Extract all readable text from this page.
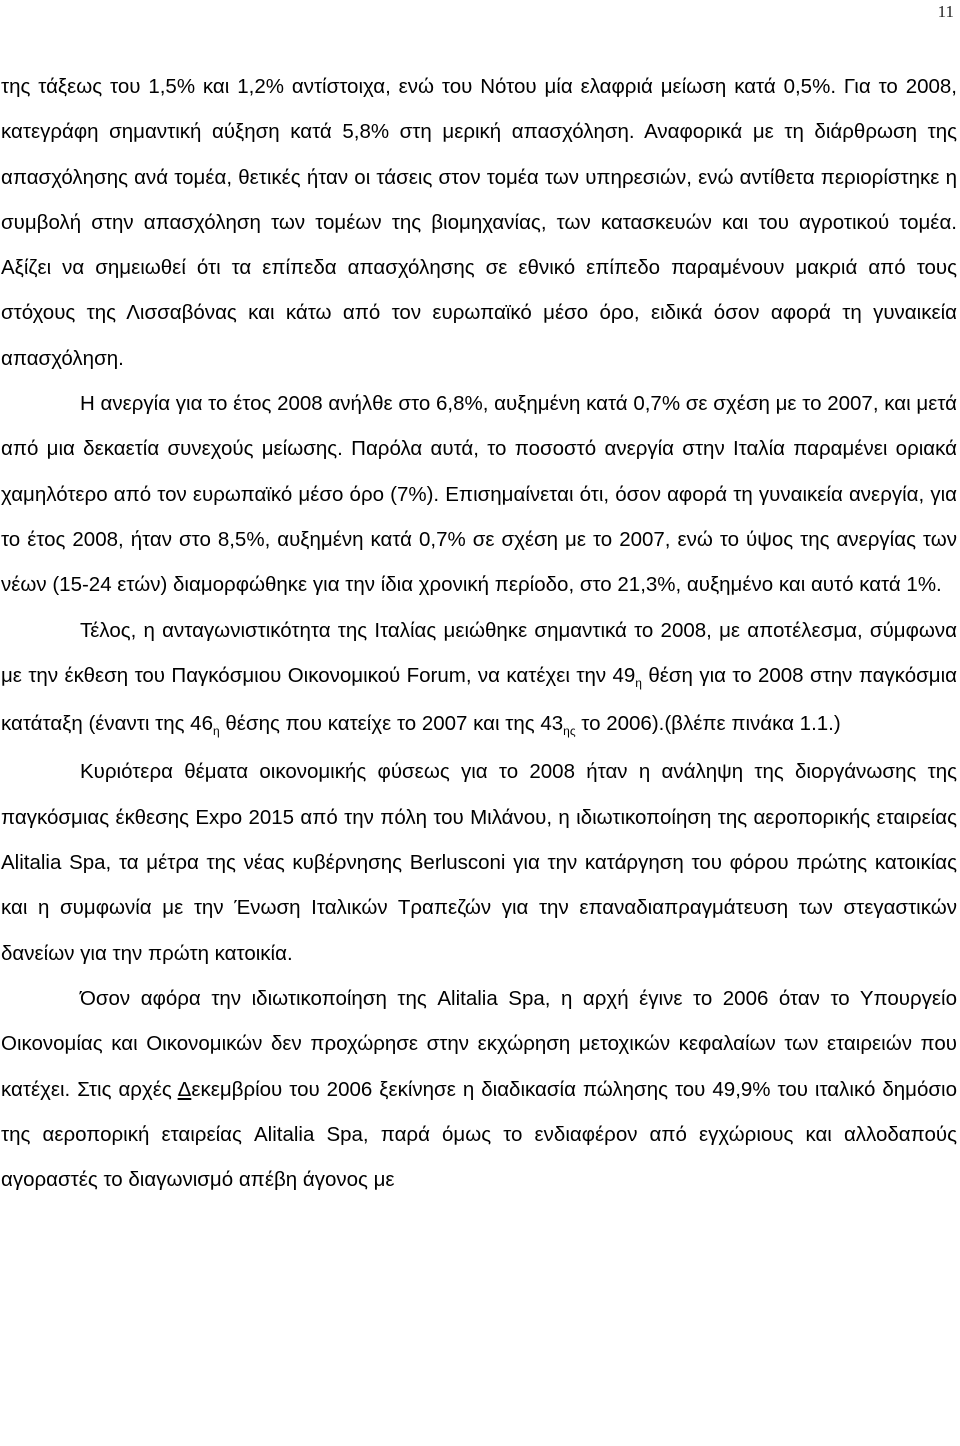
11

της τάξεως του 1,5% και 1,2% αντίστοιχα, ενώ του Νότου μία ελαφριά μείωση κατά 0,5%. Για το 2008, κατεγράφη σημαντική αύξηση κατά 5,8% στη μερική απασχόληση. Αναφορικά με τη διάρθρωση της απασχόλησης ανά τομέα, θετικές ήταν οι τάσεις στον τομέα των υπηρεσιών, ενώ αντίθετα περιορίστηκε η συμβολή στην απασχόληση των τομέων της βιομηχανίας, των κατασκευών και του αγροτικού τομέα. Αξίζει να σημειωθεί ότι τα επίπεδα απασχόλησης σε εθνικό επίπεδο παραμένουν μακριά από τους στόχους της Λισσαβόνας και κάτω από τον ευρωπαϊκό μέσο όρο, ειδικά όσον αφορά τη γυναικεία απασχόληση.

Η ανεργία για το έτος 2008 ανήλθε στο 6,8%, αυξημένη κατά 0,7% σε σχέση με το 2007, και μετά από μια δεκαετία συνεχούς μείωσης. Παρόλα αυτά, το ποσοστό ανεργία στην Ιταλία παραμένει οριακά χαμηλότερο από τον ευρωπαϊκό μέσο όρο (7%). Επισημαίνεται ότι, όσον αφορά τη γυναικεία ανεργία, για το έτος 2008, ήταν στο 8,5%, αυξημένη κατά 0,7% σε σχέση με το 2007, ενώ το ύψος της ανεργίας των νέων (15-24 ετών) διαμορφώθηκε για την ίδια χρονική περίοδο, στο 21,3%, αυξημένο και αυτό κατά 1%.

Τέλος, η ανταγωνιστικότητα της Ιταλίας μειώθηκε σημαντικά το 2008, με αποτέλεσμα, σύμφωνα με την έκθεση του Παγκόσμιου Οικονομικού Forum, να κατέχει την $49_\eta$ θέση για το 2008 στην παγκόσμια κατάταξη (έναντι της $46_\eta$ θέσης που κατείχε το 2007 και της $43_{\eta\varsigma}$ το 2006).(βλέπε πινάκα 1.1.)

Κυριότερα θέματα οικονομικής φύσεως για το 2008 ήταν η ανάληψη της διοργάνωσης της παγκόσμιας έκθεσης Expo 2015 από την πόλη του Μιλάνου, η ιδιωτικοποίηση της αεροπορικής εταιρείας Alitalia Spa, τα μέτρα της νέας κυβέρνησης Berlusconi για την κατάργηση του φόρου πρώτης κατοικίας και η συμφωνία με την Ένωση Ιταλικών Τραπεζών για την επαναδιαπραγμάτευση των στεγαστικών δανείων για την πρώτη κατοικία.

Όσον αφόρα την ιδιωτικοποίηση της Alitalia Spa, η αρχή έγινε το 2006 όταν το Υπουργείο Οικονομίας και Οικονομικών δεν προχώρησε στην εκχώρηση μετοχικών κεφαλαίων των εταιρειών που κατέχει. Στις αρχές Δεκεμβρίου του 2006 ξεκίνησε η διαδικασία πώλησης του 49,9% του ιταλικό δημόσιο της αεροπορική εταιρείας Alitalia Spa, παρά όμως το ενδιαφέρον από εγχώριους και αλλοδαπούς αγοραστές το διαγωνισμό απέβη άγονος με
